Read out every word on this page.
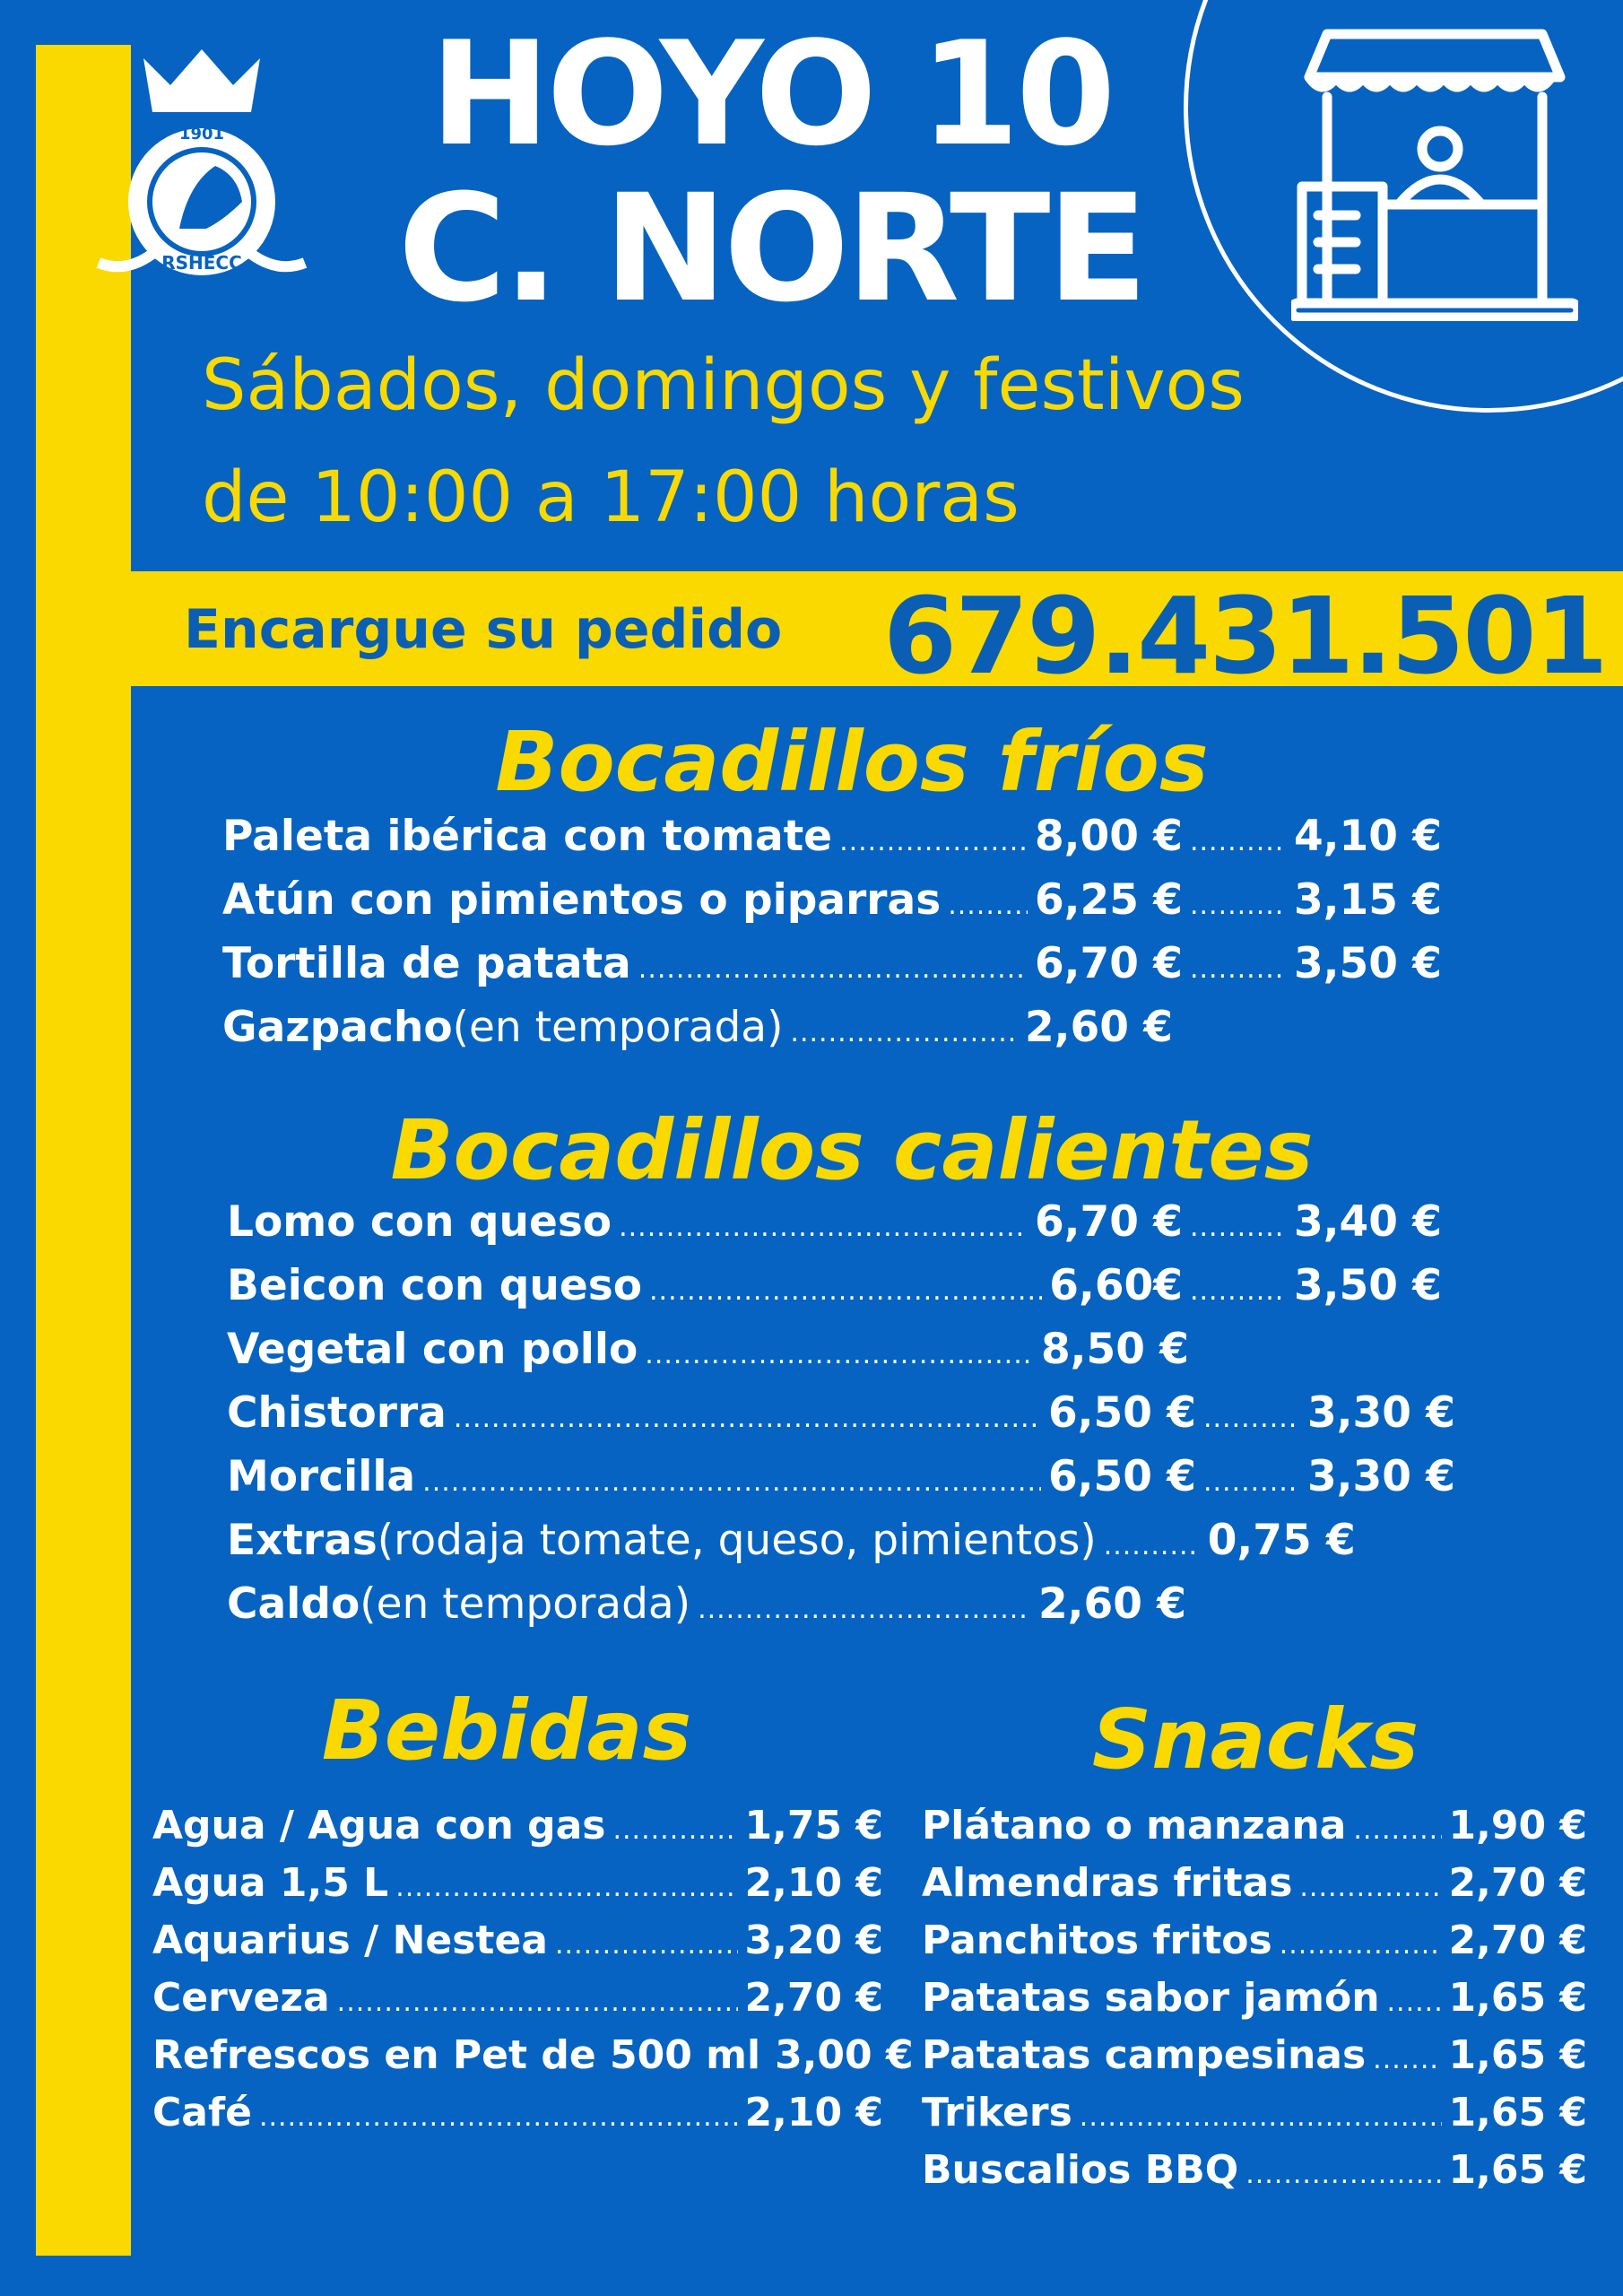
1901
RSHECC
HOYO 10
C. NORTE
Sábados, domingos y festivos
de 10:00 a 17:00 horas
Encargue su pedido 679.431.501
Bocadillos fríos
Paleta ibérica con tomate .....	8,00 € .....	4,10 €
Atún con pimientos o piparras ..... 6,25 € .....	3,15 €
Tortilla de patata .....	6,70 € .....	3,50 €
Gazpacho (en temporada) .....	2,60 €
Bocadillos calientes
Lomo con queso .....	6,70 € .....	3,40 €
Beicon con queso .....	6,60€ .....	3,50 €
Vegetal con pollo .....	8,50 €
Chistorra .....	6,50 € .....	3,30 €
Morcilla .....	6,50 € .....	3,30 €
Extras (rodaja tomate, queso, pimientos) .....	0,75 €
Caldo (en temporada) .....	2,60 €
Bebidas
Agua / Agua con gas .....	1,75 €
Agua 1,5 L .....	2,10 €
Aquarius / Nestea .....	3,20 €
Cerveza .....	2,70 €
Refrescos en Pet de 500 ml 3,00 €
Café .....	2,10 €
Snacks
Plátano o manzana .....	1,90 €
Almendras fritas .....	2,70 €
Panchitos fritos .....	2,70 €
Patatas sabor jamón ..... 1,65 €
Patatas campesinas ..... 1,65 €
Trikers .....	1,65 €
Buscalios BBQ .....	1,65 €
